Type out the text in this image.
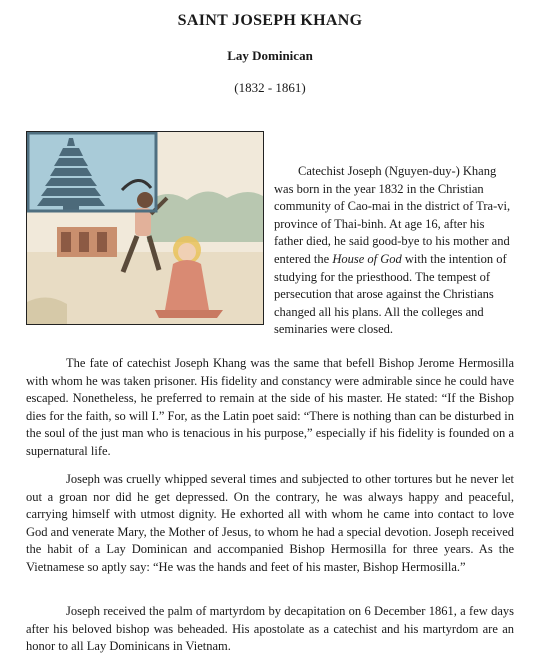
SAINT JOSEPH KHANG
Lay Dominican
(1832 - 1861)
Catechist Joseph (Nguyen-duy-) Khang was born in the year 1832 in the Christian community of Cao-mai in the district of Tra-vi, province of Thai-binh. At age 16, after his father died, he said good-bye to his mother and entered the House of God with the intention of studying for the priesthood. The tempest of persecution that arose against the Christians changed all his plans. All the colleges and seminaries were closed.
The fate of catechist Joseph Khang was the same that befell Bishop Jerome Hermosilla with whom he was taken prisoner. His fidelity and constancy were admirable since he could have escaped. Nonetheless, he preferred to remain at the side of his master. He stated: “If the Bishop dies for the faith, so will I.” For, as the Latin poet said: “There is nothing than can be disturbed in the soul of the just man who is tenacious in his purpose,” especially if his fidelity is founded on a supernatural life.
Joseph was cruelly whipped several times and subjected to other tortures but he never let out a groan nor did he get depressed. On the contrary, he was always happy and peaceful, carrying himself with utmost dignity. He exhorted all with whom he came into contact to love God and venerate Mary, the Mother of Jesus, to whom he had a special devotion. Joseph received the habit of a Lay Dominican and accompanied Bishop Hermosilla for three years. As the Vietnamese so aptly say: “He was the hands and feet of his master, Bishop Hermosilla.”
Joseph received the palm of martyrdom by decapitation on 6 December 1861, a few days after his beloved bishop was beheaded. His apostolate as a catechist and his martyrdom are an honor to all Lay Dominicans in Vietnam.
